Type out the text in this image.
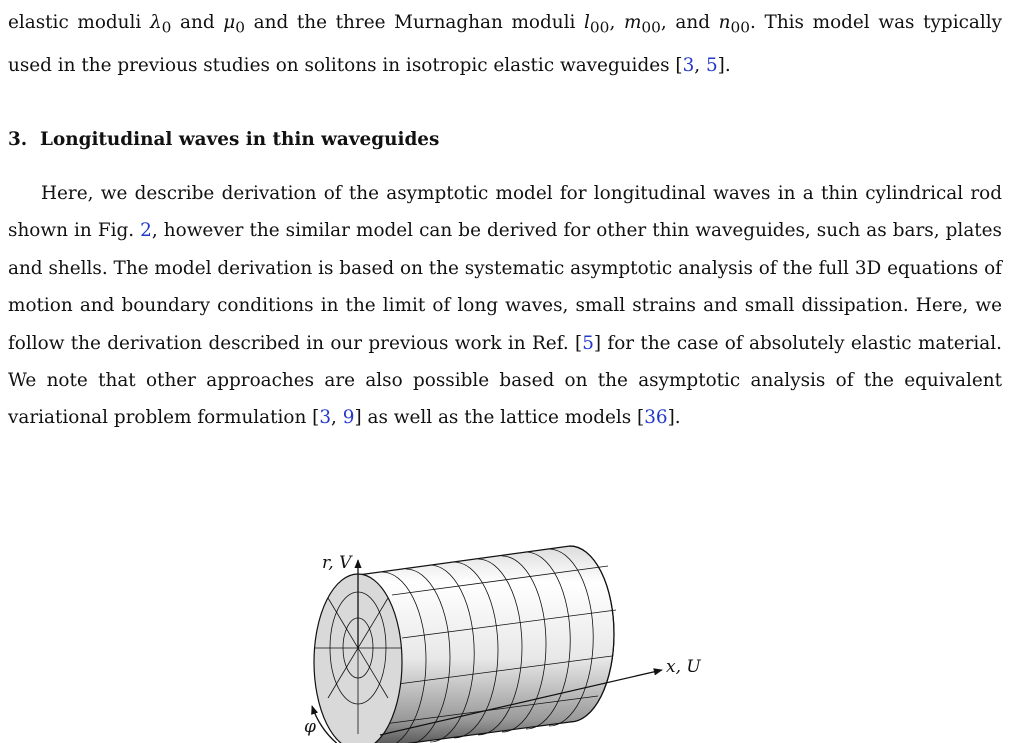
elastic moduli $\lambda_0$ and $\mu_0$ and the three Murnaghan moduli $l_{00}$, $m_{00}$, and $n_{00}$. This model was typically used in the previous studies on solitons in isotropic elastic waveguides [3, 5].

3. Longitudinal waves in thin waveguides

Here, we describe derivation of the asymptotic model for longitudinal waves in a thin cylindrical rod shown in Fig. 2, however the similar model can be derived for other thin waveguides, such as bars, plates and shells. The model derivation is based on the systematic asymptotic analysis of the full 3D equations of motion and boundary conditions in the limit of long waves, small strains and small dissipation. Here, we follow the derivation described in our previous work in Ref. [5] for the case of absolutely elastic material. We note that other approaches are also possible based on the asymptotic analysis of the equivalent variational problem formulation [3, 9] as well as the lattice models [36].

r, V
x, U
φ
